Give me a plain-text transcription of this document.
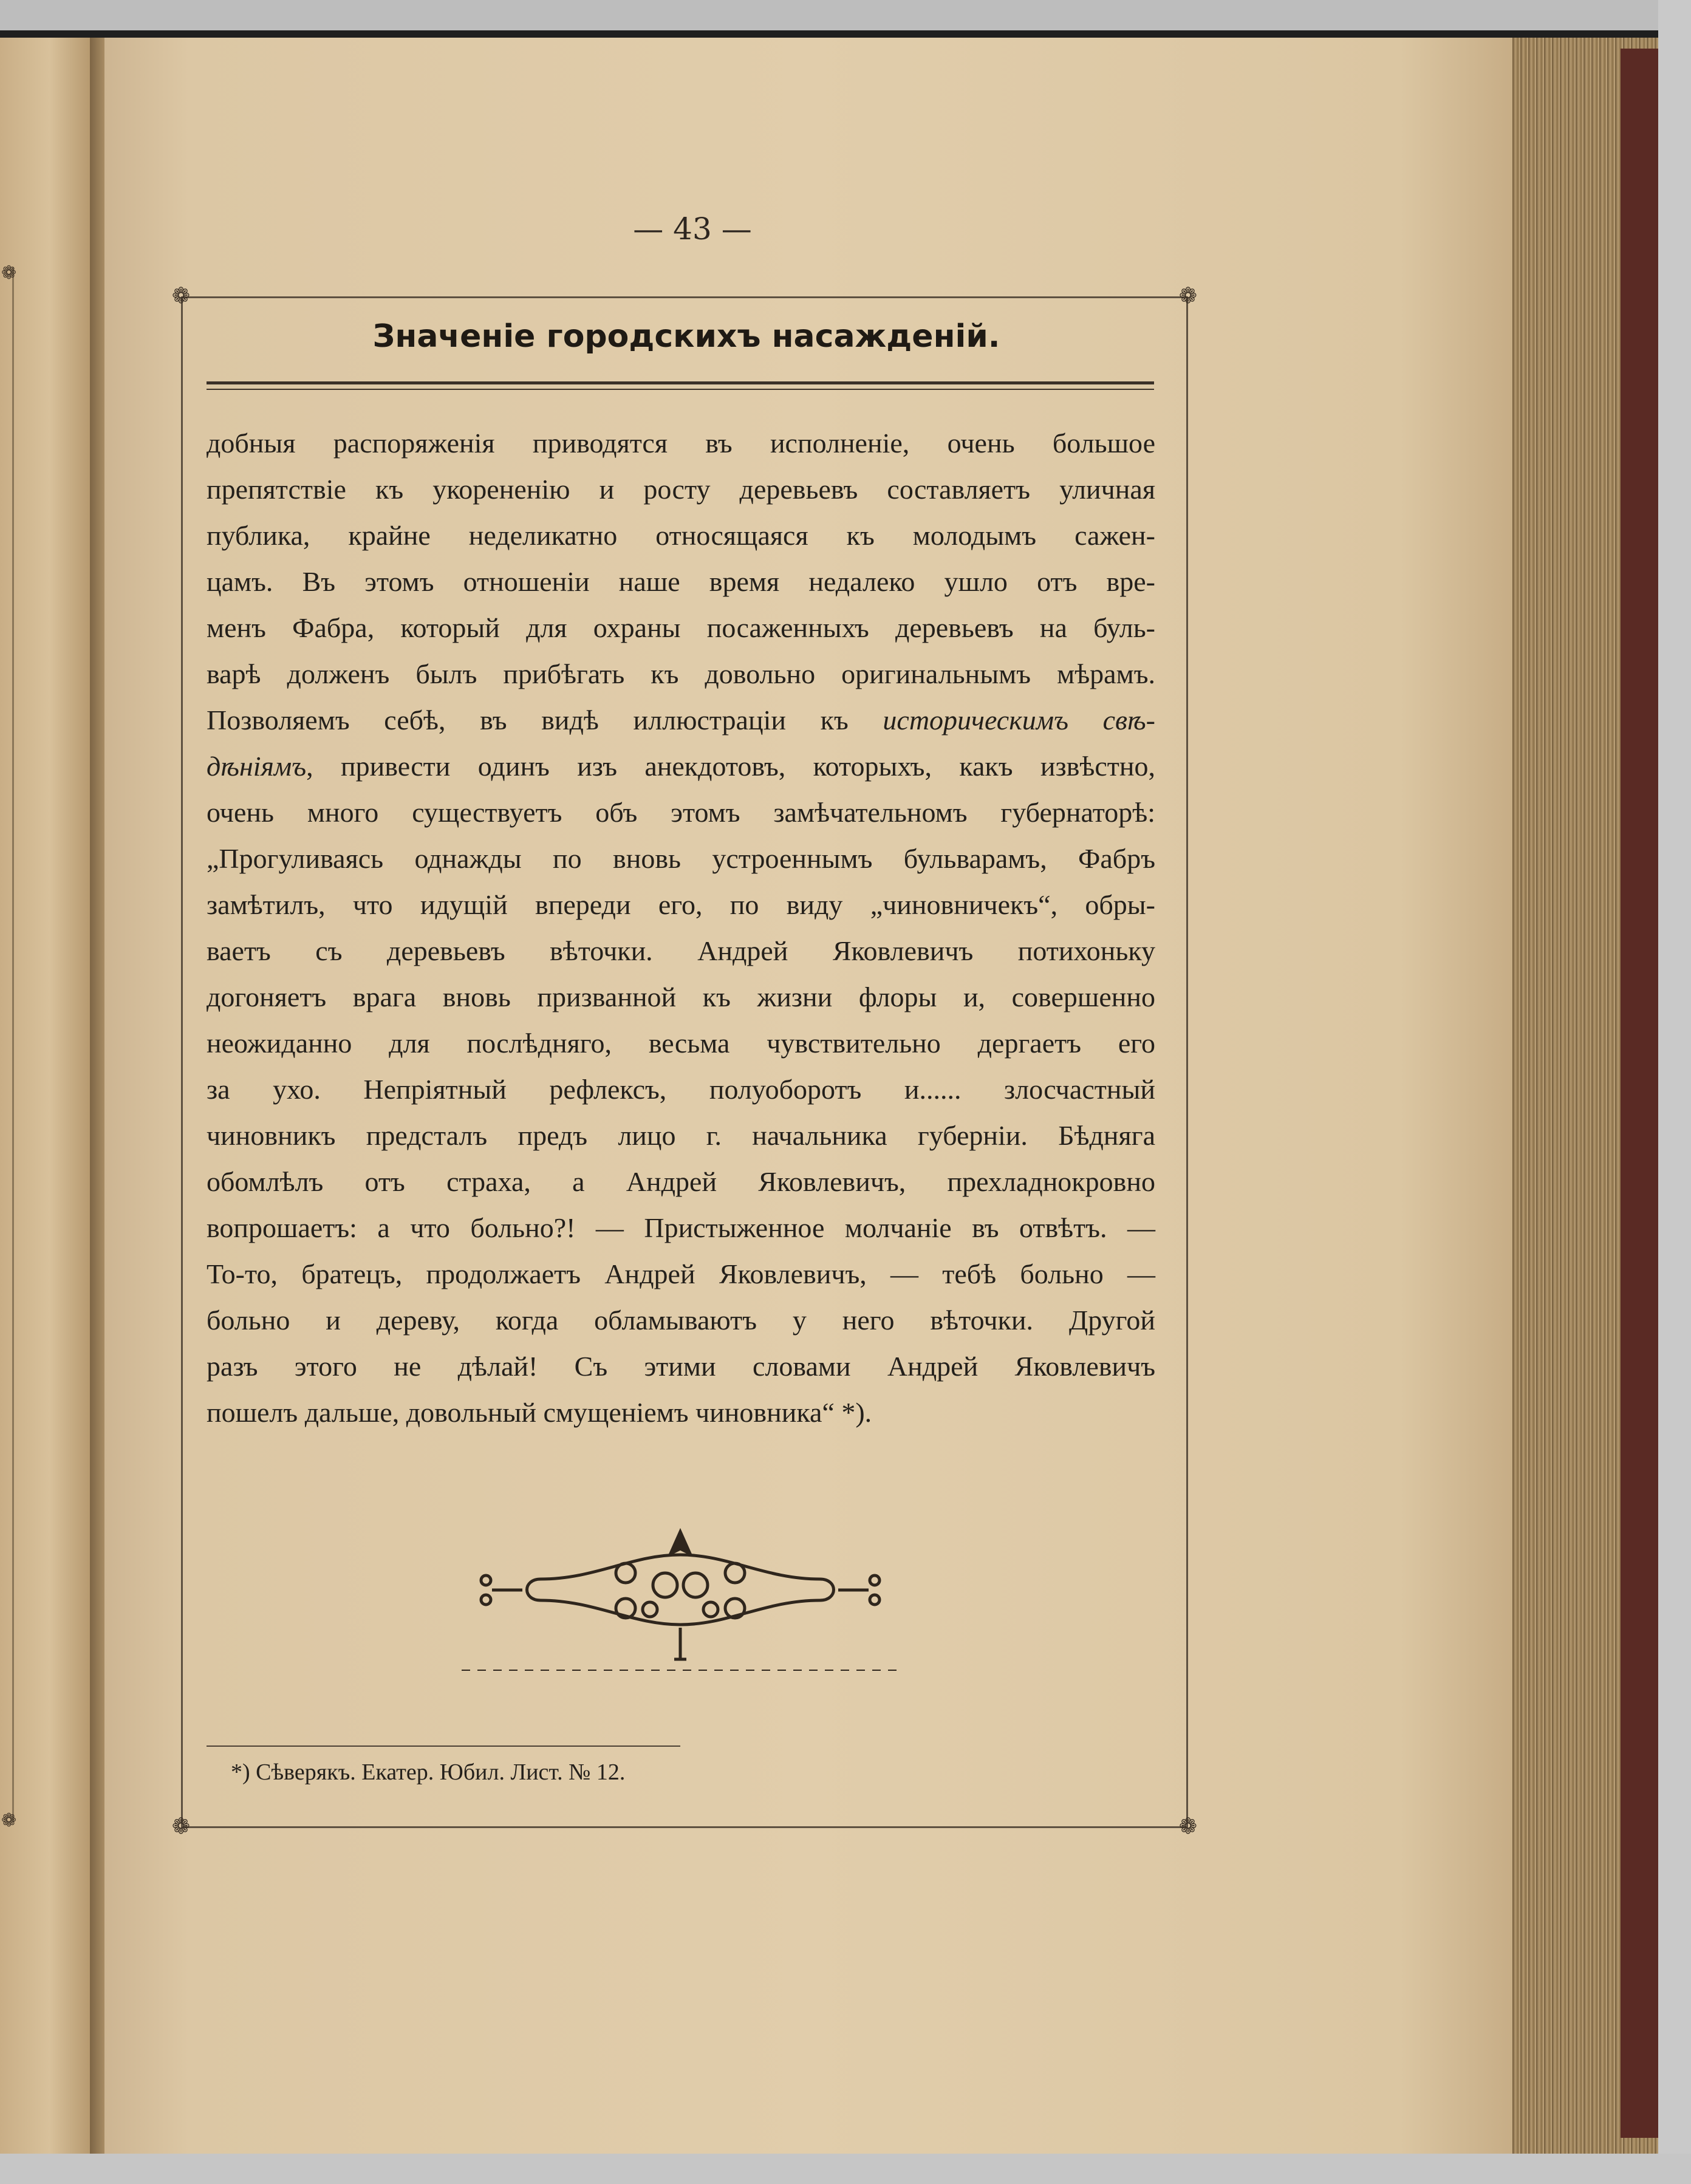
❁
❁
— 43 —
❁	❁
❁	❁
Значеніе городскихъ насажденій.
добныя распоряженія приводятся въ исполненіе, очень большое
препятствіе къ укорененію и росту деревьевъ составляетъ уличная
публика, крайне неделикатно относящаяся къ молодымъ сажен-
цамъ. Въ этомъ отношеніи наше время недалеко ушло отъ вре-
менъ Фабра, который для охраны посаженныхъ деревьевъ на буль-
варѣ долженъ былъ прибѣгать къ довольно оригинальнымъ мѣрамъ.
Позволяемъ себѣ, въ видѣ иллюстраціи къ историческимъ свѣ-
дѣніямъ, привести одинъ изъ анекдотовъ, которыхъ, какъ извѣстно,
очень много существуетъ объ этомъ замѣчательномъ губернаторѣ:
„Прогуливаясь однажды по вновь устроеннымъ бульварамъ, Фабръ
замѣтилъ, что идущій впереди его, по виду „чиновничекъ“, обры-
ваетъ съ деревьевъ вѣточки. Андрей Яковлевичъ потихоньку
догоняетъ врага вновь призванной къ жизни флоры и, совершенно
неожиданно для послѣдняго, весьма чувствительно дергаетъ его
за ухо. Непріятный рефлексъ, полуоборотъ и...... злосчастный
чиновникъ предсталъ предъ лицо г. начальника губерніи. Бѣдняга
обомлѣлъ отъ страха, а Андрей Яковлевичъ, прехладнокровно
вопрошаетъ: а что больно?! — Пристыженное молчаніе въ отвѣтъ. —
То-то, братецъ, продолжаетъ Андрей Яковлевичъ, — тебѣ больно —
больно и дереву, когда обламываютъ у него вѣточки. Другой
разъ этого не дѣлай! Съ этими словами Андрей Яковлевичъ
пошелъ дальше, довольный смущеніемъ чиновника“ *).
*) Сѣверякъ. Екатер. Юбил. Лист. № 12.
